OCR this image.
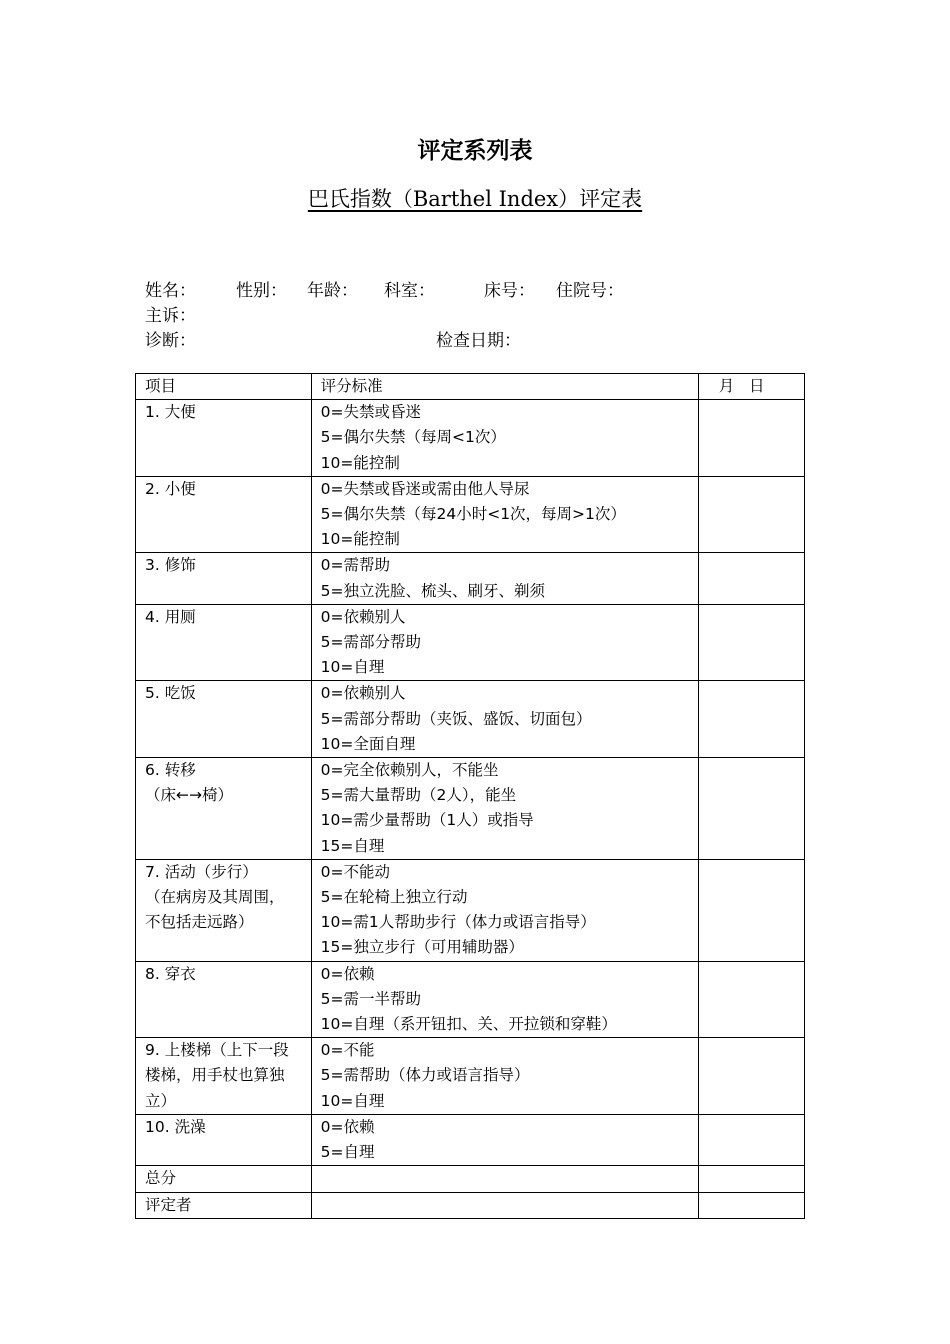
评定系列表
巴氏指数（Barthel Index）评定表
姓名： 性别： 年龄： 科室：	床号： 住院号：
主诉：
诊断：	检查日期：
项目	评分标准	月   日

1. 大便	0=失禁或昏迷
5=偶尔失禁（每周<1次）
10=能控制	

2. 小便	0=失禁或昏迷或需由他人导尿
5=偶尔失禁（每24小时<1次，每周>1次）
10=能控制	

3. 修饰	0=需帮助
5=独立洗脸、梳头、刷牙、剃须	

4. 用厕	0=依赖别人
5=需部分帮助
10=自理	

5. 吃饭	0=依赖别人
5=需部分帮助（夹饭、盛饭、切面包）
10=全面自理	

6. 转移
（床←→椅）	0=完全依赖别人，不能坐
5=需大量帮助（2人），能坐
10=需少量帮助（1人）或指导
15=自理	

7. 活动（步行）
（在病房及其周围，
不包括走远路）	0=不能动
5=在轮椅上独立行动
10=需1人帮助步行（体力或语言指导）
15=独立步行（可用辅助器）	

8. 穿衣	0=依赖
5=需一半帮助
10=自理（系开钮扣、关、开拉锁和穿鞋）	

9. 上楼梯（上下一段
楼梯，用手杖也算独
立）	0=不能
5=需帮助（体力或语言指导）
10=自理	

10. 洗澡	0=依赖
5=自理	

总分		

评定者		
